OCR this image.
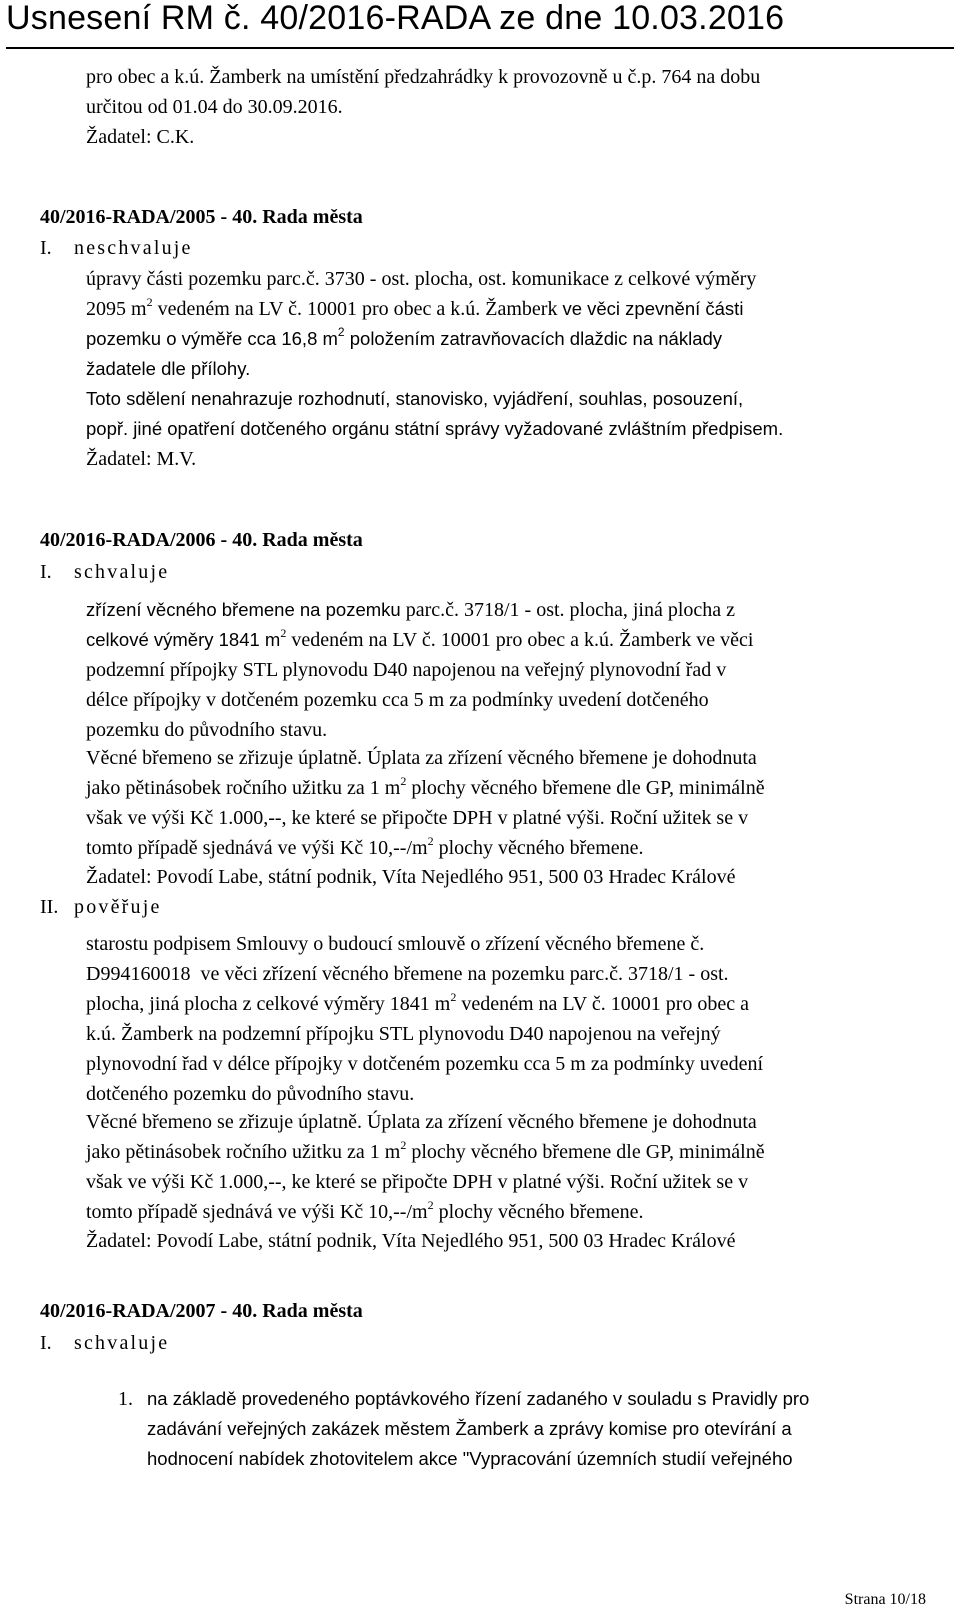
Usnesení RM č. 40/2016-RADA ze dne 10.03.2016
pro obec a k.ú. Žamberk na umístění předzahrádky k provozovně u č.p. 764 na dobu
určitou od 01.04 do 30.09.2016.
Žadatel: C.K.
40/2016-RADA/2005 - 40. Rada města
I. neschvaluje
úpravy části pozemku parc.č. 3730 - ost. plocha, ost. komunikace z celkové výměry
2095 $m^2$ vedeném na LV č. 10001 pro obec a k.ú. Žamberk ve věci zpevnění části
pozemku o výměře cca 16,8 $m^2$ položením zatravňovacích dlaždic na náklady
žadatele dle přílohy.
Toto sdělení nenahrazuje rozhodnutí, stanovisko, vyjádření, souhlas, posouzení,
popř. jiné opatření dotčeného orgánu státní správy vyžadované zvláštním předpisem.
Žadatel: M.V.
40/2016-RADA/2006 - 40. Rada města
I. schvaluje
zřízení věcného břemene na pozemku parc.č. 3718/1 - ost. plocha, jiná plocha z
celkové výměry 1841 $m^2$ vedeném na LV č. 10001 pro obec a k.ú. Žamberk ve věci
podzemní přípojky STL plynovodu D40 napojenou na veřejný plynovodní řad v
délce přípojky v dotčeném pozemku cca 5 m za podmínky uvedení dotčeného
pozemku do původního stavu.
Věcné břemeno se zřizuje úplatně. Úplata za zřízení věcného břemene je dohodnuta
jako pětinásobek ročního užitku za 1 $m^2$ plochy věcného břemene dle GP, minimálně
však ve výši Kč 1.000,--, ke které se připočte DPH v platné výši. Roční užitek se v
tomto případě sjednává ve výši Kč $10,--/m^2$ plochy věcného břemene.
Žadatel: Povodí Labe, státní podnik, Víta Nejedlého 951, 500 03 Hradec Králové
II. pověřuje
starostu podpisem Smlouvy o budoucí smlouvě o zřízení věcného břemene č.
D994160018  ve věci zřízení věcného břemene na pozemku parc.č. 3718/1 - ost.
plocha, jiná plocha z celkové výměry 1841 $m^2$ vedeném na LV č. 10001 pro obec a
k.ú. Žamberk na podzemní přípojku STL plynovodu D40 napojenou na veřejný
plynovodní řad v délce přípojky v dotčeném pozemku cca 5 m za podmínky uvedení
dotčeného pozemku do původního stavu.
Věcné břemeno se zřizuje úplatně. Úplata za zřízení věcného břemene je dohodnuta
jako pětinásobek ročního užitku za 1 $m^2$ plochy věcného břemene dle GP, minimálně
však ve výši Kč 1.000,--, ke které se připočte DPH v platné výši. Roční užitek se v
tomto případě sjednává ve výši Kč $10,--/m^2$ plochy věcného břemene.
Žadatel: Povodí Labe, státní podnik, Víta Nejedlého 951, 500 03 Hradec Králové
40/2016-RADA/2007 - 40. Rada města
I. schvaluje
1. na základě provedeného poptávkového řízení zadaného v souladu s Pravidly pro
zadávání veřejných zakázek městem Žamberk a zprávy komise pro otevírání a
hodnocení nabídek zhotovitelem akce "Vypracování územních studií veřejného
Strana 10/18
